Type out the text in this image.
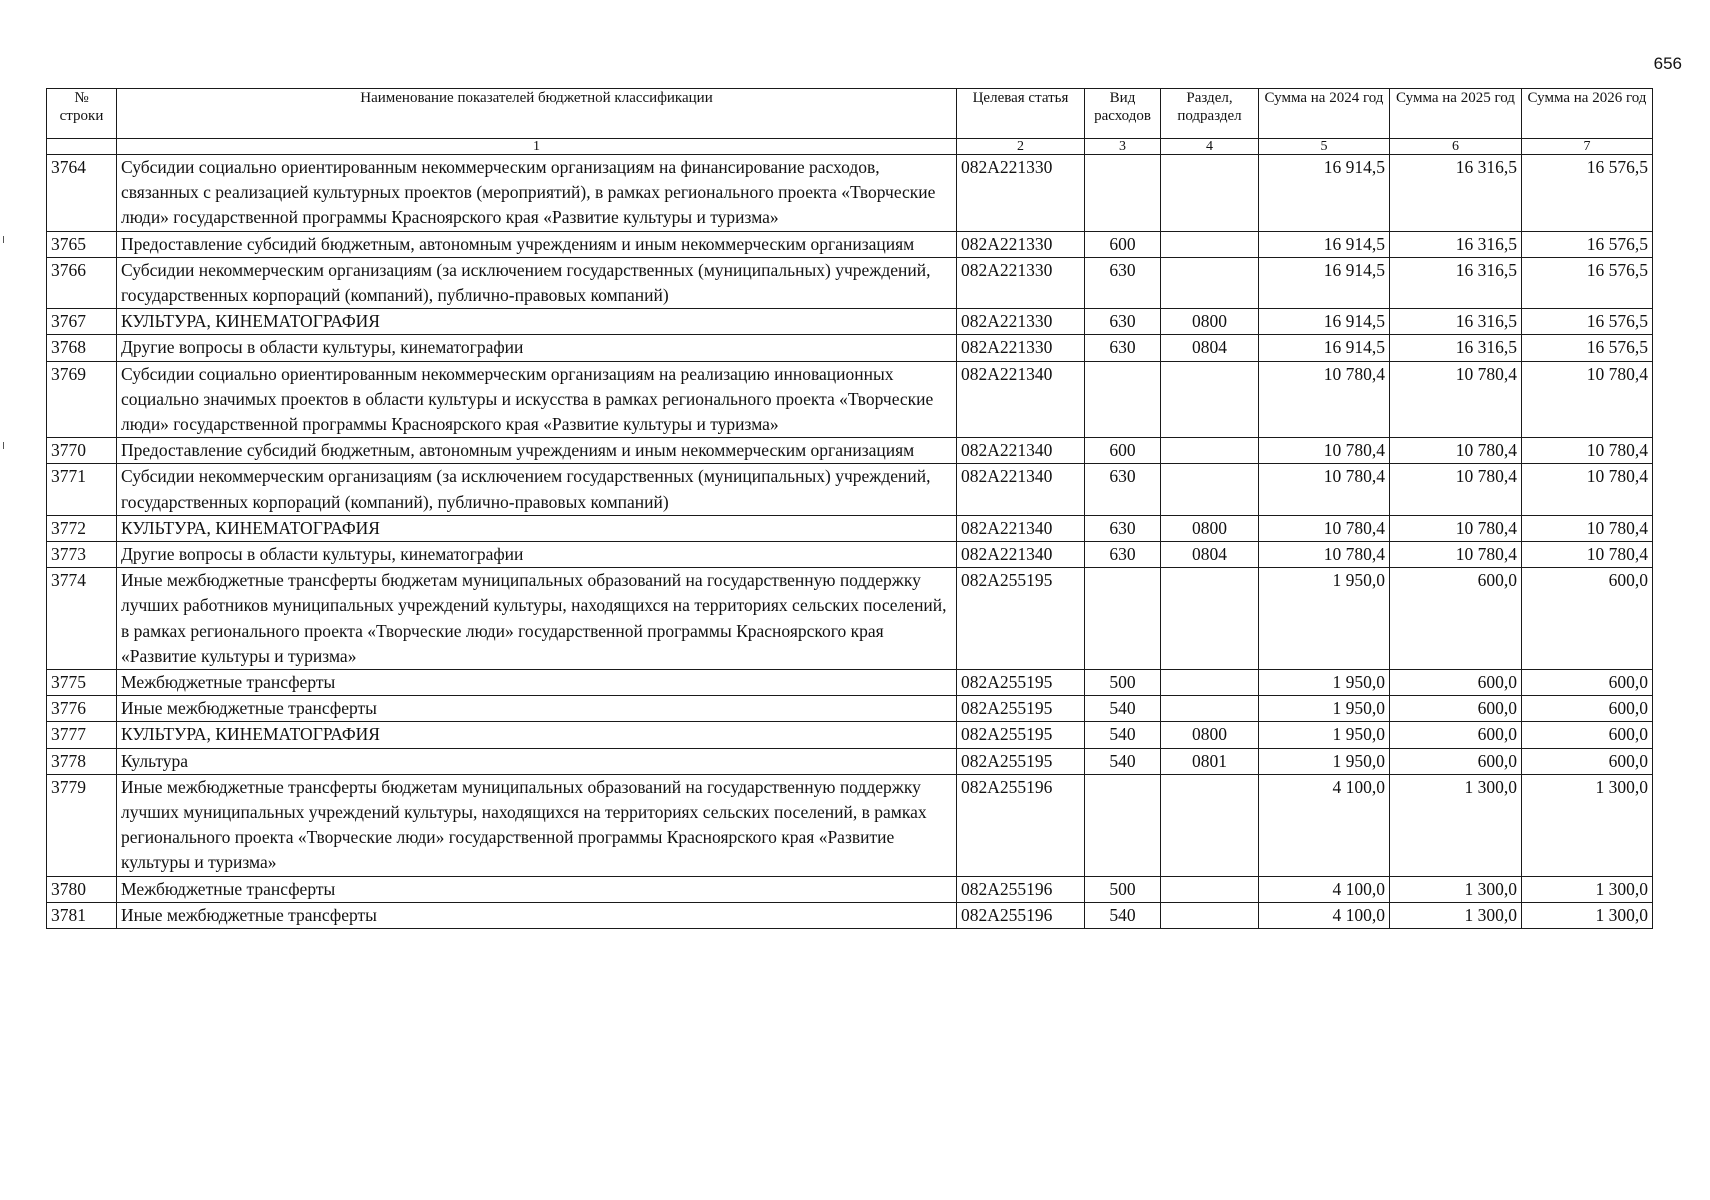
656
№ строки	Наименование показателей бюджетной классификации	Целевая статья	Вид расходов	Раздел, подраздел	Сумма на 2024 год	Сумма на 2025 год	Сумма на 2026 год
	1	2	3	4	5	6	7
3764	Субсидии социально ориентированным некоммерческим организациям на финансирование расходов, связанных с реализацией культурных проектов (мероприятий), в рамках регионального проекта «Творческие люди» государственной программы Красноярского края «Развитие культуры и туризма»	082A221330			16 914,5	16 316,5	16 576,5
3765	Предоставление субсидий бюджетным, автономным учреждениям и иным некоммерческим организациям	082A221330	600		16 914,5	16 316,5	16 576,5
3766	Субсидии некоммерческим организациям (за исключением государственных (муниципальных) учреждений, государственных корпораций (компаний), публично-правовых компаний)	082A221330	630		16 914,5	16 316,5	16 576,5
3767	КУЛЬТУРА, КИНЕМАТОГРАФИЯ	082A221330	630	0800	16 914,5	16 316,5	16 576,5
3768	Другие вопросы в области культуры, кинематографии	082A221330	630	0804	16 914,5	16 316,5	16 576,5
3769	Субсидии социально ориентированным некоммерческим организациям на реализацию инновационных социально значимых проектов в области культуры и искусства в рамках регионального проекта «Творческие люди» государственной программы Красноярского края «Развитие культуры и туризма»	082A221340			10 780,4	10 780,4	10 780,4
3770	Предоставление субсидий бюджетным, автономным учреждениям и иным некоммерческим организациям	082A221340	600		10 780,4	10 780,4	10 780,4
3771	Субсидии некоммерческим организациям (за исключением государственных (муниципальных) учреждений, государственных корпораций (компаний), публично-правовых компаний)	082A221340	630		10 780,4	10 780,4	10 780,4
3772	КУЛЬТУРА, КИНЕМАТОГРАФИЯ	082A221340	630	0800	10 780,4	10 780,4	10 780,4
3773	Другие вопросы в области культуры, кинематографии	082A221340	630	0804	10 780,4	10 780,4	10 780,4
3774	Иные межбюджетные трансферты бюджетам муниципальных образований на государственную поддержку лучших работников муниципальных учреждений культуры, находящихся на территориях сельских поселений, в рамках регионального проекта «Творческие люди» государственной программы Красноярского края «Развитие культуры и туризма»	082A255195			1 950,0	600,0	600,0
3775	Межбюджетные трансферты	082A255195	500		1 950,0	600,0	600,0
3776	Иные межбюджетные трансферты	082A255195	540		1 950,0	600,0	600,0
3777	КУЛЬТУРА, КИНЕМАТОГРАФИЯ	082A255195	540	0800	1 950,0	600,0	600,0
3778	Культура	082A255195	540	0801	1 950,0	600,0	600,0
3779	Иные межбюджетные трансферты бюджетам муниципальных образований на государственную поддержку лучших муниципальных учреждений культуры, находящихся на территориях сельских поселений, в рамках регионального проекта «Творческие люди» государственной программы Красноярского края «Развитие культуры и туризма»	082A255196			4 100,0	1 300,0	1 300,0
3780	Межбюджетные трансферты	082A255196	500		4 100,0	1 300,0	1 300,0
3781	Иные межбюджетные трансферты	082A255196	540		4 100,0	1 300,0	1 300,0
